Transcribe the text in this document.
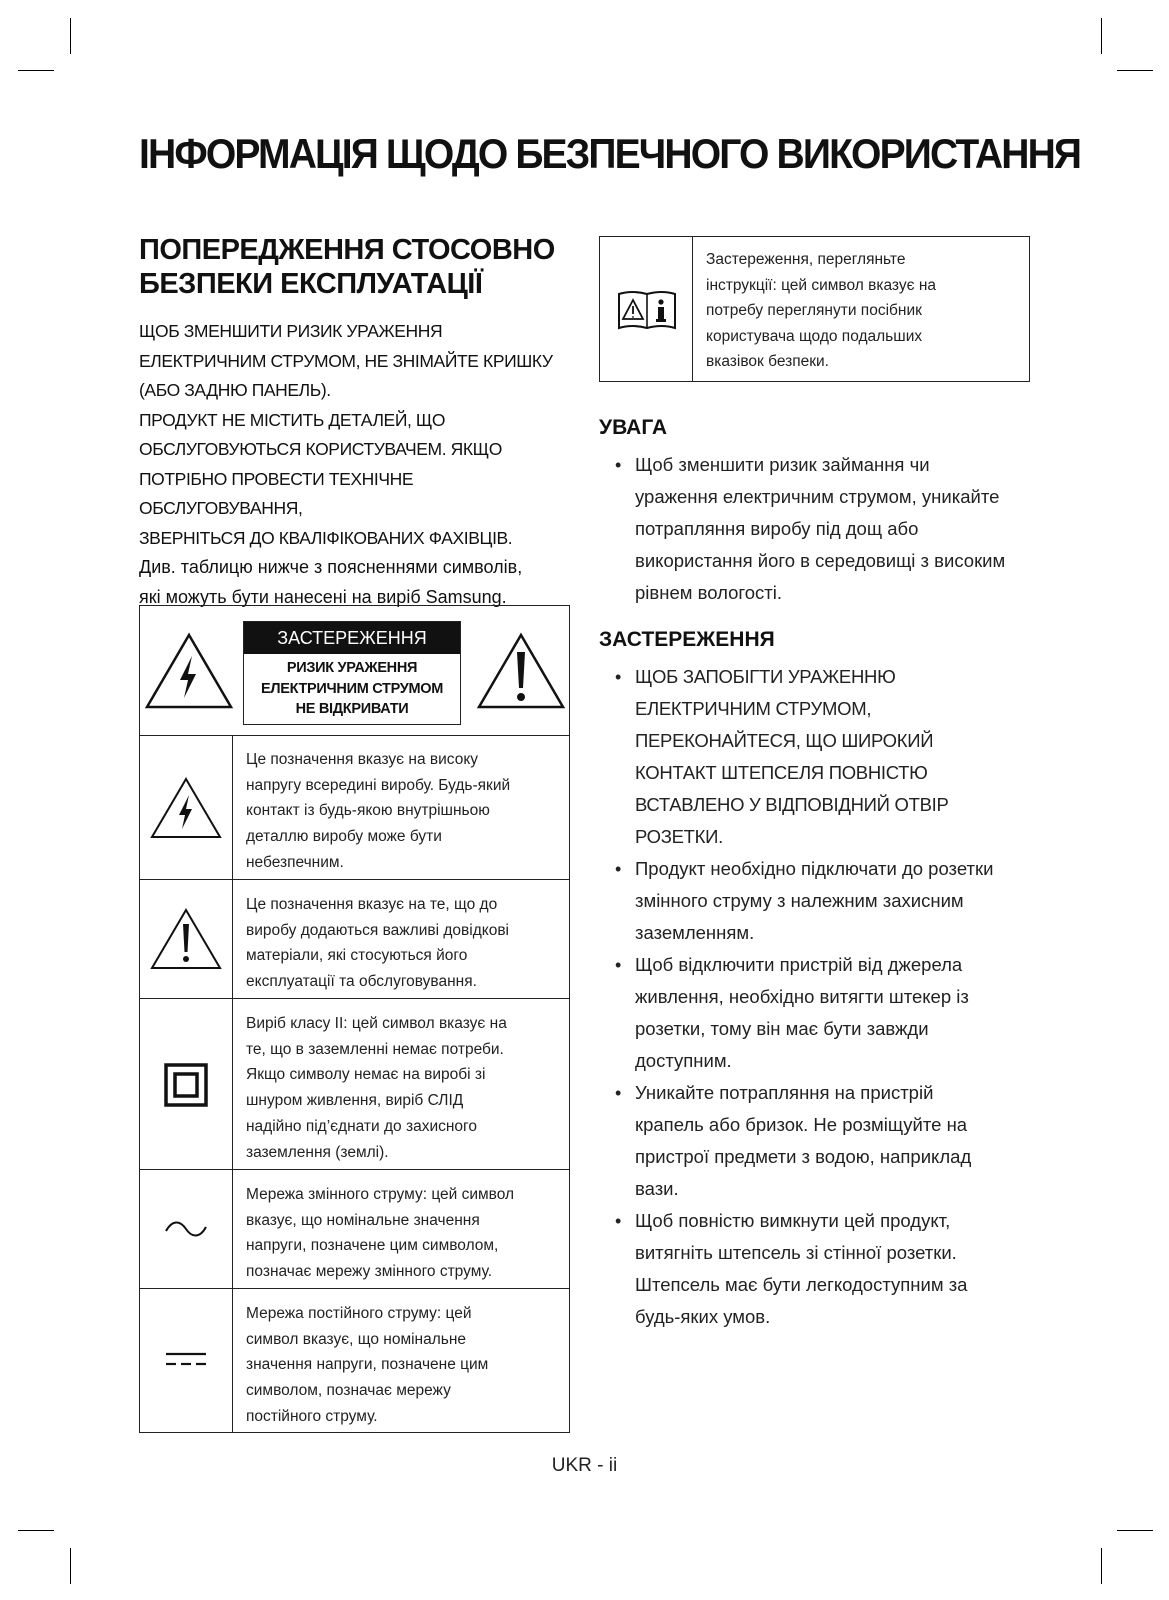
ІНФОРМАЦІЯ ЩОДО БЕЗПЕЧНОГО ВИКОРИСТАННЯ
ПОПЕРЕДЖЕННЯ СТОСОВНО
БЕЗПЕКИ ЕКСПЛУАТАЦІЇ

ЩОБ ЗМЕНШИТИ РИЗИК УРАЖЕННЯ
ЕЛЕКТРИЧНИМ СТРУМОМ, НЕ ЗНІМАЙТЕ КРИШКУ
(АБО ЗАДНЮ ПАНЕЛЬ).
ПРОДУКТ НЕ МІСТИТЬ ДЕТАЛЕЙ, ЩО
ОБСЛУГОВУЮТЬСЯ КОРИСТУВАЧЕМ. ЯКЩО
ПОТРІБНО ПРОВЕСТИ ТЕХНІЧНЕ ОБСЛУГОВУВАННЯ,
ЗВЕРНІТЬСЯ ДО КВАЛІФІКОВАНИХ ФАХІВЦІВ.

Див. таблицю нижче з поясненнями символів,
які можуть бути нанесені на виріб Samsung.

ЗАСТЕРЕЖЕННЯ
РИЗИК УРАЖЕННЯ
ЕЛЕКТРИЧНИМ СТРУМОМ
НЕ ВІДКРИВАТИ
Це позначення вказує на високу
напругу всередині виробу. Будь-який
контакт із будь-якою внутрішньою
деталлю виробу може бути
небезпечним.
Це позначення вказує на те, що до
виробу додаються важливі довідкові
матеріали, які стосуються його
експлуатації та обслуговування.
Виріб класу II: цей символ вказує на
те, що в заземленні немає потреби.
Якщо символу немає на виробі зі
шнуром живлення, виріб СЛІД
надійно під’єднати до захисного
заземлення (землі).
Мережа змінного струму: цей символ
вказує, що номінальне значення
напруги, позначене цим символом,
позначає мережу змінного струму.
Мережа постійного струму: цей
символ вказує, що номінальне
значення напруги, позначене цим
символом, позначає мережу
постійного струму.
Застереження, перегляньте
інструкції: цей символ вказує на
потребу переглянути посібник
користувача щодо подальших
вказівок безпеки.
УВАГА
• Щоб зменшити ризик займання чи
ураження електричним струмом, уникайте
потрапляння виробу під дощ або
використання його в середовищі з високим
рівнем вологості.
ЗАСТЕРЕЖЕННЯ
• ЩОБ ЗАПОБІГТИ УРАЖЕННЮ
ЕЛЕКТРИЧНИМ СТРУМОМ,
ПЕРЕКОНАЙТЕСЯ, ЩО ШИРОКИЙ
КОНТАКТ ШТЕПСЕЛЯ ПОВНІСТЮ
ВСТАВЛЕНО У ВІДПОВІДНИЙ ОТВІР
РОЗЕТКИ.
• Продукт необхідно підключати до розетки
змінного струму з належним захисним
заземленням.
• Щоб відключити пристрій від джерела
живлення, необхідно витягти штекер із
розетки, тому він має бути завжди
доступним.
• Уникайте потрапляння на пристрій
крапель або бризок. Не розміщуйте на
пристрої предмети з водою, наприклад
вази.
• Щоб повністю вимкнути цей продукт,
витягніть штепсель зі стінної розетки.
Штепсель має бути легкодоступним за
будь-яких умов.
UKR - ii
